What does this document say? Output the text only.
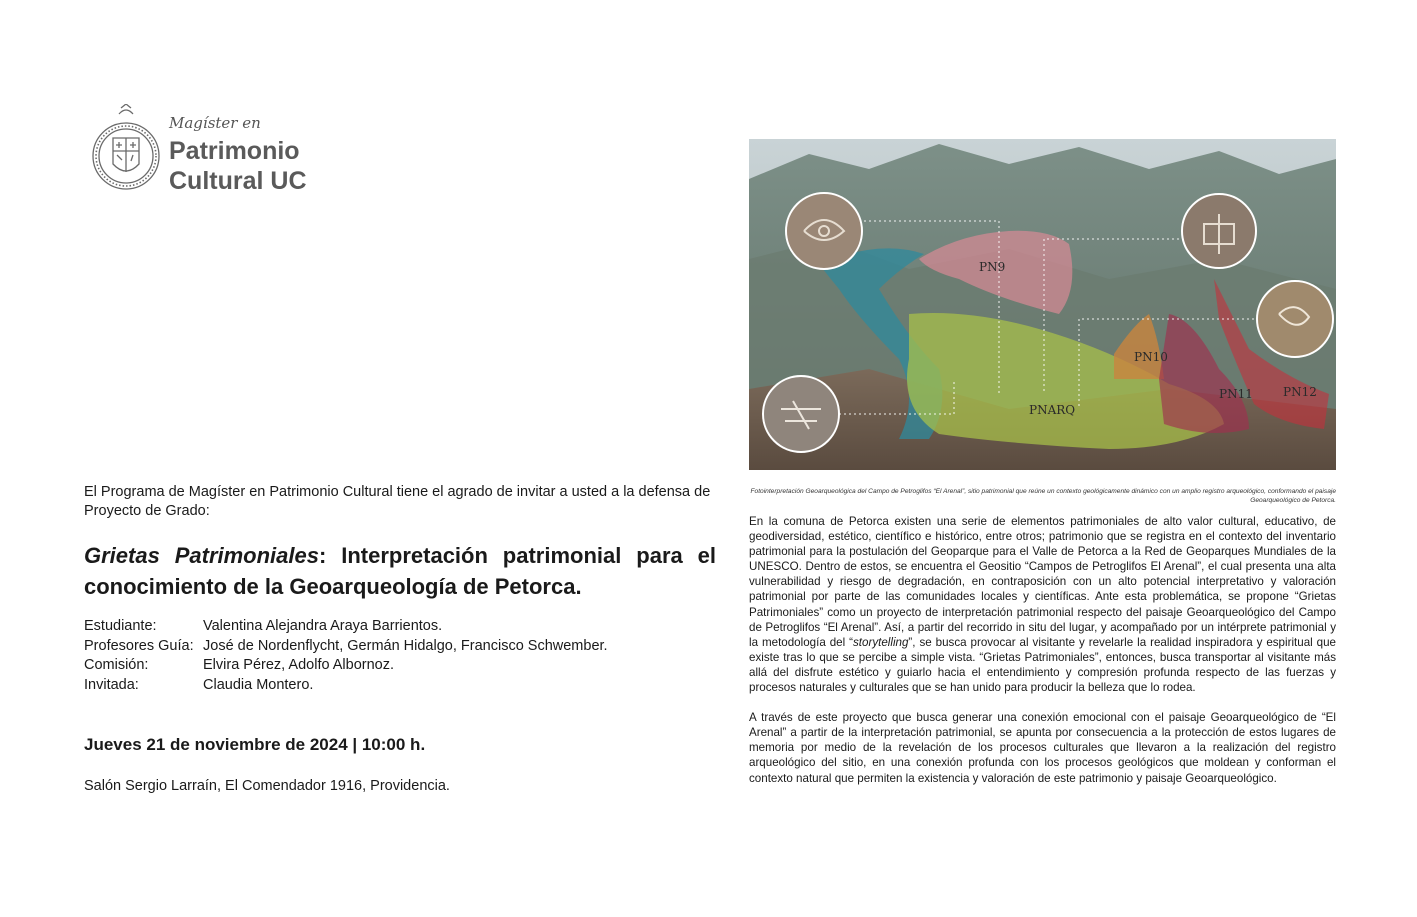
Magíster en
Patrimonio
Cultural UC
El Programa de Magíster en Patrimonio Cultural tiene el agrado de invitar a usted a la defensa de Proyecto de Grado:
Grietas Patrimoniales: Interpretación patrimonial para el conocimiento de la Geoarqueología de Petorca.
Estudiante:	Valentina Alejandra Araya Barrientos.
Profesores Guía: José de Nordenflycht, Germán Hidalgo, Francisco Schwember.
Comisión:	Elvira Pérez, Adolfo Albornoz.
Invitada:	Claudia Montero.
Jueves 21 de noviembre de 2024 | 10:00 h.
Salón Sergio Larraín, El Comendador 1916, Providencia.
PN9
PN10
PN11	PN12
PNARQ
Fotointerpretación Geoarqueológica del Campo de Petroglifos “El Arenal”, sitio patrimonial que reúne un contexto geológicamente dinámico con un amplio registro arqueológico, conformando el paisaje Geoarqueológico de Petorca.

En la comuna de Petorca existen una serie de elementos patrimoniales de alto valor cultural, educativo, de geodiversidad, estético, científico e histórico, entre otros; patrimonio que se registra en el contexto del inventario patrimonial para la postulación del Geoparque para el Valle de Petorca a la Red de Geoparques Mundiales de la UNESCO. Dentro de estos, se encuentra el Geositio “Campos de Petroglifos El Arenal”, el cual presenta una alta vulnerabilidad y riesgo de degradación, en contraposición con un alto potencial interpretativo y valoración patrimonial por parte de las comunidades locales y científicas. Ante esta problemática, se propone “Grietas Patrimoniales” como un proyecto de interpretación patrimonial respecto del paisaje Geoarqueológico del Campo de Petroglifos “El Arenal”. Así, a partir del recorrido in situ del lugar, y acompañado por un intérprete patrimonial y la metodología del “storytelling”, se busca provocar al visitante y revelarle la realidad inspiradora y espiritual que existe tras lo que se percibe a simple vista. “Grietas Patrimoniales”, entonces, busca transportar al visitante más allá del disfrute estético y guiarlo hacia el entendimiento y compresión profunda respecto de las fuerzas y procesos naturales y culturales que se han unido para producir la belleza que lo rodea.

A través de este proyecto que busca generar una conexión emocional con el paisaje Geoarqueológico de “El Arenal” a partir de la interpretación patrimonial, se apunta por consecuencia a la protección de estos lugares de memoria por medio de la revelación de los procesos culturales que llevaron a la realización del registro arqueológico del sitio, en una conexión profunda con los procesos geológicos que moldean y conforman el contexto natural que permiten la existencia y valoración de este patrimonio y paisaje Geoarqueológico.
